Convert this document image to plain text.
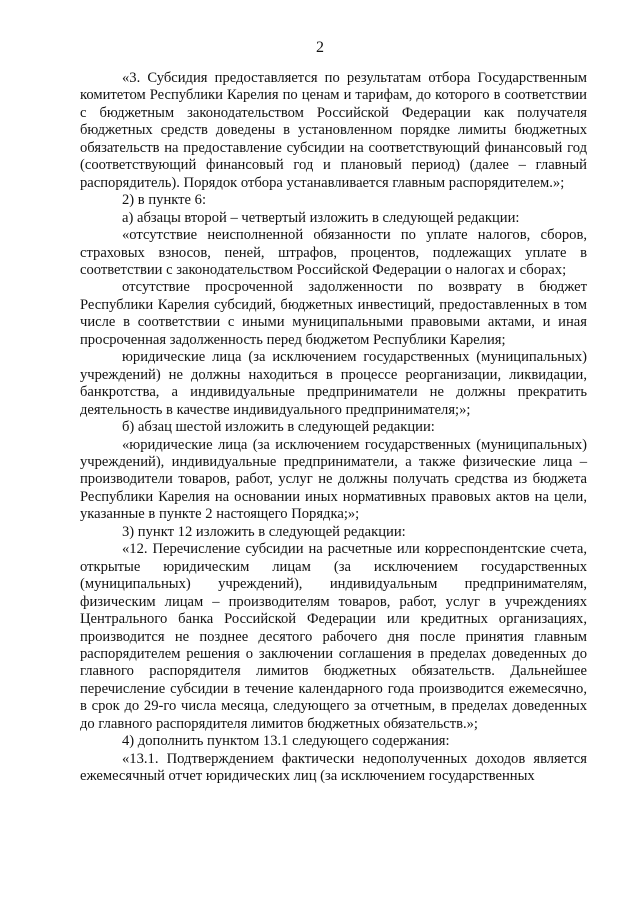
2

«3. Субсидия предоставляется по результатам отбора Государственным комитетом Республики Карелия по ценам и тарифам, до которого в соответствии с бюджетным законодательством Российской Федерации как получателя бюджетных средств доведены в установленном порядке лимиты бюджетных обязательств на предоставление субсидии на соответствующий финансовый год (соответствующий финансовый год и плановый период) (далее – главный распорядитель). Порядок отбора устанавливается главным распорядителем.»;

2) в пункте 6:

а) абзацы второй – четвертый изложить в следующей редакции:

«отсутствие неисполненной обязанности по уплате налогов, сборов, страховых взносов, пеней, штрафов, процентов, подлежащих уплате в соответствии с законодательством Российской Федерации о налогах и сборах;

отсутствие просроченной задолженности по возврату в бюджет Республики Карелия субсидий, бюджетных инвестиций, предоставленных в том числе в соответствии с иными муниципальными правовыми актами, и иная просроченная задолженность перед бюджетом Республики Карелия;

юридические лица (за исключением государственных (муниципальных) учреждений) не должны находиться в процессе реорганизации, ликвидации, банкротства, а индивидуальные предприниматели не должны прекратить деятельность в качестве индивидуального предпринимателя;»;

б) абзац шестой изложить в следующей редакции:

«юридические лица (за исключением государственных (муниципальных) учреждений), индивидуальные предприниматели, а также физические лица – производители товаров, работ, услуг не должны получать средства из бюджета Республики Карелия на основании иных нормативных правовых актов на цели, указанные в пункте 2 настоящего Порядка;»;

3) пункт 12 изложить в следующей редакции:

«12. Перечисление субсидии на расчетные или корреспондентские счета, открытые юридическим лицам (за исключением государственных (муниципальных) учреждений), индивидуальным предпринимателям, физическим лицам – производителям товаров, работ, услуг в учреждениях Центрального банка Российской Федерации или кредитных организациях, производится не позднее десятого рабочего дня после принятия главным распорядителем решения о заключении соглашения в пределах доведенных до главного распорядителя лимитов бюджетных обязательств. Дальнейшее перечисление субсидии в течение календарного года производится ежемесячно, в срок до 29-го числа месяца, следующего за отчетным, в пределах доведенных до главного распорядителя лимитов бюджетных обязательств.»;

4) дополнить пунктом 13.1 следующего содержания:

«13.1. Подтверждением фактически недополученных доходов является ежемесячный отчет юридических лиц (за исключением государственных
